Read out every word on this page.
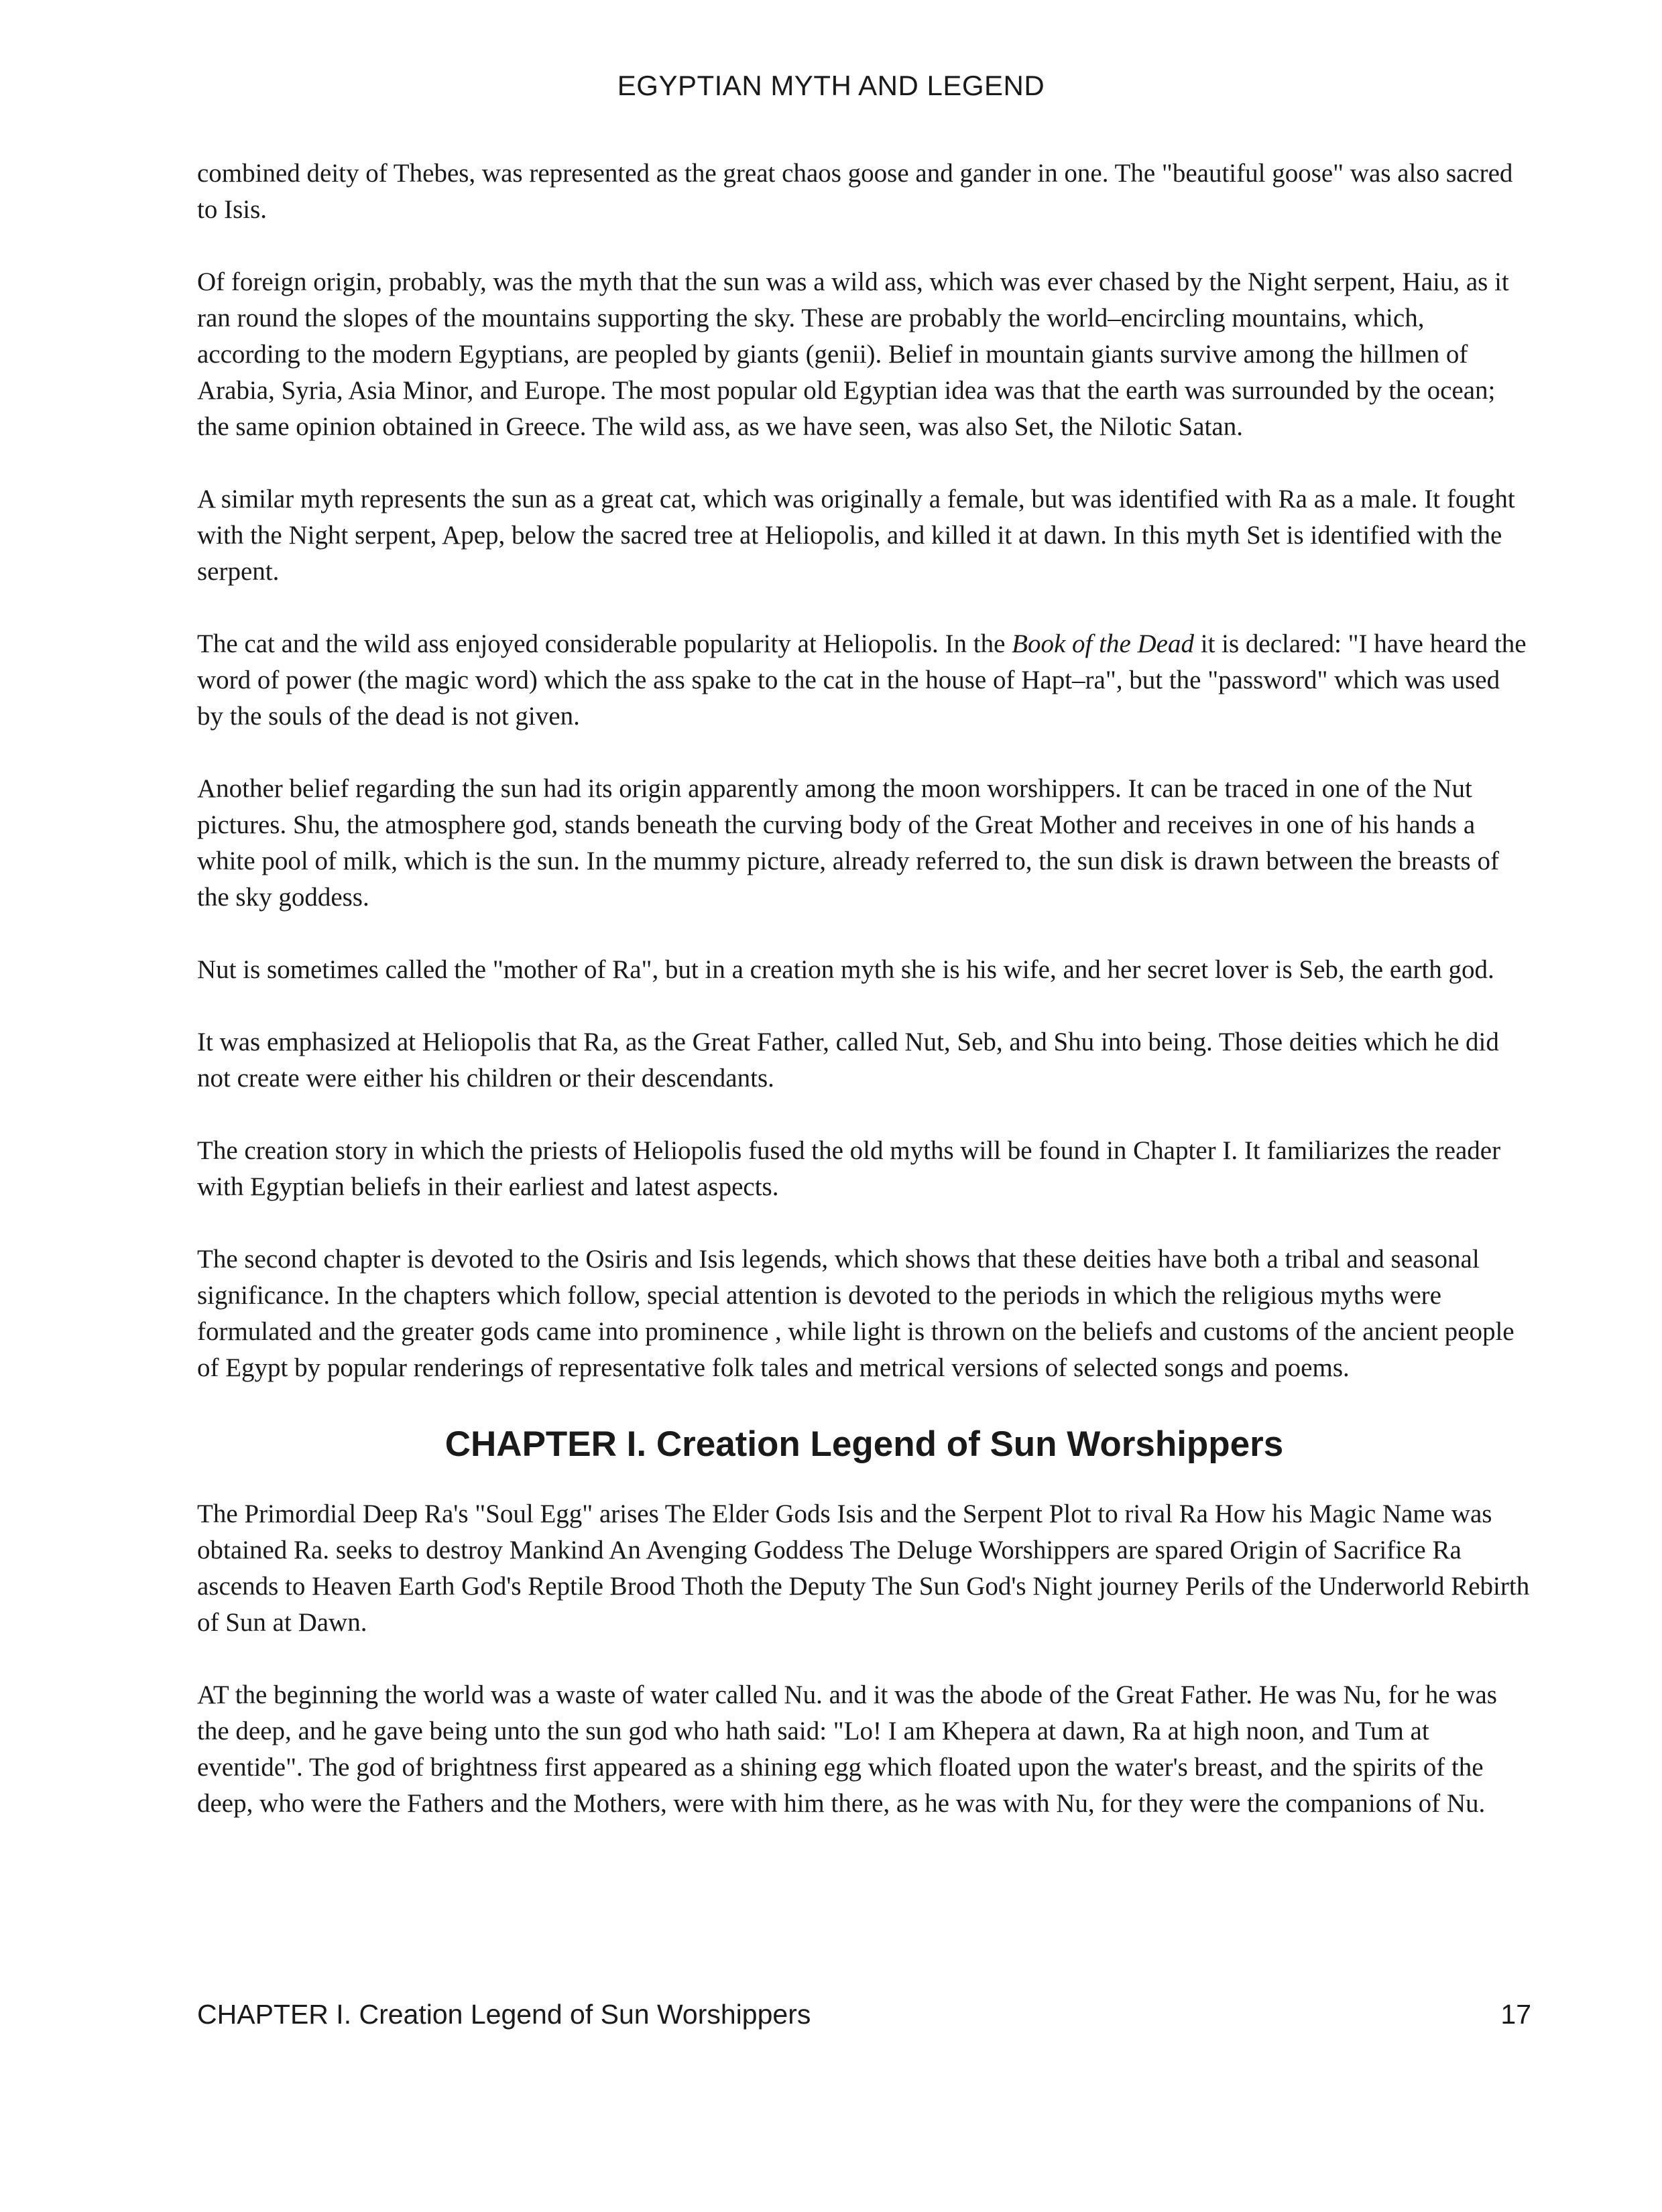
EGYPTIAN MYTH AND LEGEND

combined deity of Thebes, was represented as the great chaos goose and gander in one. The "beautiful goose" was also sacred to Isis.

Of foreign origin, probably, was the myth that the sun was a wild ass, which was ever chased by the Night serpent, Haiu, as it ran round the slopes of the mountains supporting the sky. These are probably the world–encircling mountains, which, according to the modern Egyptians, are peopled by giants (genii). Belief in mountain giants survive among the hillmen of Arabia, Syria, Asia Minor, and Europe. The most popular old Egyptian idea was that the earth was surrounded by the ocean; the same opinion obtained in Greece. The wild ass, as we have seen, was also Set, the Nilotic Satan.

A similar myth represents the sun as a great cat, which was originally a female, but was identified with Ra as a male. It fought with the Night serpent, Apep, below the sacred tree at Heliopolis, and killed it at dawn. In this myth Set is identified with the serpent.

The cat and the wild ass enjoyed considerable popularity at Heliopolis. In the Book of the Dead it is declared: "I have heard the word of power (the magic word) which the ass spake to the cat in the house of Hapt–ra", but the "password" which was used by the souls of the dead is not given.

Another belief regarding the sun had its origin apparently among the moon worshippers. It can be traced in one of the Nut pictures. Shu, the atmosphere god, stands beneath the curving body of the Great Mother and receives in one of his hands a white pool of milk, which is the sun. In the mummy picture, already referred to, the sun disk is drawn between the breasts of the sky goddess.

Nut is sometimes called the "mother of Ra", but in a creation myth she is his wife, and her secret lover is Seb, the earth god.

It was emphasized at Heliopolis that Ra, as the Great Father, called Nut, Seb, and Shu into being. Those deities which he did not create were either his children or their descendants.

The creation story in which the priests of Heliopolis fused the old myths will be found in Chapter I. It familiarizes the reader with Egyptian beliefs in their earliest and latest aspects.

The second chapter is devoted to the Osiris and Isis legends, which shows that these deities have both a tribal and seasonal significance. In the chapters which follow, special attention is devoted to the periods in which the religious myths were formulated and the greater gods came into prominence , while light is thrown on the beliefs and customs of the ancient people of Egypt by popular renderings of representative folk tales and metrical versions of selected songs and poems.

CHAPTER I. Creation Legend of Sun Worshippers

The Primordial Deep Ra's "Soul Egg" arises The Elder Gods Isis and the Serpent Plot to rival Ra How his Magic Name was obtained Ra. seeks to destroy Mankind An Avenging Goddess The Deluge Worshippers are spared Origin of Sacrifice Ra ascends to Heaven Earth God's Reptile Brood Thoth the Deputy The Sun God's Night journey Perils of the Underworld Rebirth of Sun at Dawn.

AT the beginning the world was a waste of water called Nu. and it was the abode of the Great Father. He was Nu, for he was the deep, and he gave being unto the sun god who hath said: "Lo! I am Khepera at dawn, Ra at high noon, and Tum at eventide". The god of brightness first appeared as a shining egg which floated upon the water's breast, and the spirits of the deep, who were the Fathers and the Mothers, were with him there, as he was with Nu, for they were the companions of Nu.

CHAPTER I. Creation Legend of Sun Worshippers	17
